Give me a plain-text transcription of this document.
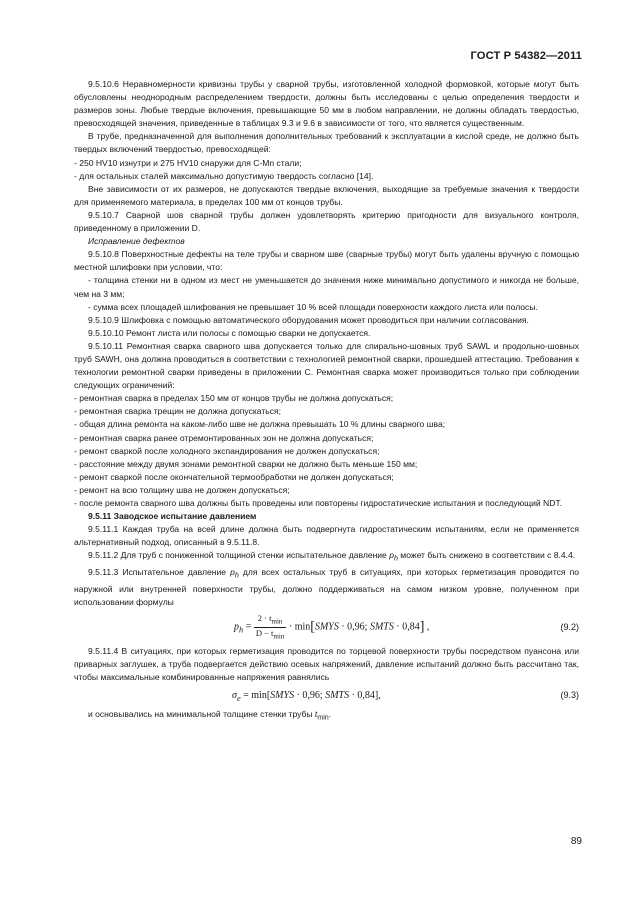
ГОСТ Р 54382—2011

9.5.10.6 Неравномерности кривизны трубы у сварной трубы, изготовленной холодной формовкой, которые могут быть обусловлены неоднородным распределением твердости, должны быть исследованы с целью определения твердости и размеров зоны. Любые твердые включения, превышающие 50 мм в любом направлении, не должны обладать твердостью, превосходящей значения, приведенные в таблицах 9.3 и 9.6 в зависимости от того, что является существенным.

В трубе, предназначенной для выполнения дополнительных требований к эксплуатации в кислой среде, не должно быть твердых включений твердостью, превосходящей:

- 250 HV10 изнутри и 275 HV10 снаружи для C-Mn стали;

- для остальных сталей максимально допустимую твердость согласно [14].

Вне зависимости от их размеров, не допускаются твердые включения, выходящие за требуемые значения к твердости для применяемого материала, в пределах 100 мм от концов трубы.

9.5.10.7 Сварной шов сварной трубы должен удовлетворять критерию пригодности для визуального контроля, приведенному в приложении D.

Исправление дефектов

9.5.10.8 Поверхностные дефекты на теле трубы и сварном шве (сварные трубы) могут быть удалены вручную с помощью местной шлифовки при условии, что:

- толщина стенки ни в одном из мест не уменьшается до значения ниже минимально допустимого и никогда не больше, чем на 3 мм;

- сумма всех площадей шлифования не превышает 10 % всей площади поверхности каждого листа или полосы.

9.5.10.9 Шлифовка с помощью автоматического оборудования может проводиться при наличии согласования.

9.5.10.10 Ремонт листа или полосы с помощью сварки не допускается.

9.5.10.11 Ремонтная сварка сварного шва допускается только для спирально-шовных труб SAWL и продольно-шовных труб SAWH, она должна проводиться в соответствии с технологией ремонтной сварки, прошедшей аттестацию. Требования к технологии ремонтной сварки приведены в приложении C. Ремонтная сварка может производиться только при соблюдении следующих ограничений:

- ремонтная сварка в пределах 150 мм от концов трубы не должна допускаться;

- ремонтная сварка трещин не должна допускаться;

- общая длина ремонта на каком-либо шве не должна превышать 10 % длины сварного шва;

- ремонтная сварка ранее отремонтированных зон не должна допускаться;

- ремонт сваркой после холодного экспандирования не должен допускаться;

- расстояние между двумя зонами ремонтной сварки не должно быть меньше 150 мм;

- ремонт сваркой после окончательной термообработки не должен допускаться;

- ремонт на всю толщину шва не должен допускаться;

- после ремонта сварного шва должны быть проведены или повторены гидростатические испытания и последующий NDT.

9.5.11 Заводское испытание давлением

9.5.11.1 Каждая труба на всей длине должна быть подвергнута гидростатическим испытаниям, если не применяется альтернативный подход, описанный в 9.5.11.8.

9.5.11.2 Для труб с пониженной толщиной стенки испытательное давление $p_h$ может быть снижено в соответствии с 8.4.4.

9.5.11.3 Испытательное давление $p_h$ для всех остальных труб в ситуациях, при которых герметизация проводится по наружной или внутренней поверхности трубы, должно поддерживаться на самом низком уровне, полученном при использовании формулы

$p_h = \frac{2 \cdot t_{min}}{D - t_{min}}$ · min[SMYS · 0,96; SMTS · 0,84] ,	(9.2)

9.5.11.4 В ситуациях, при которых герметизация проводится по торцевой поверхности трубы посредством пуансона или приварных заглушек, а труба подвергается действию осевых напряжений, давление испытаний должно быть рассчитано так, чтобы максимальные комбинированные напряжения равнялись

$\sigma_e$ = min[SMYS · 0,96; SMTS · 0,84],	(9.3)

и основывались на минимальной толщине стенки трубы $t_{min}$.

89
